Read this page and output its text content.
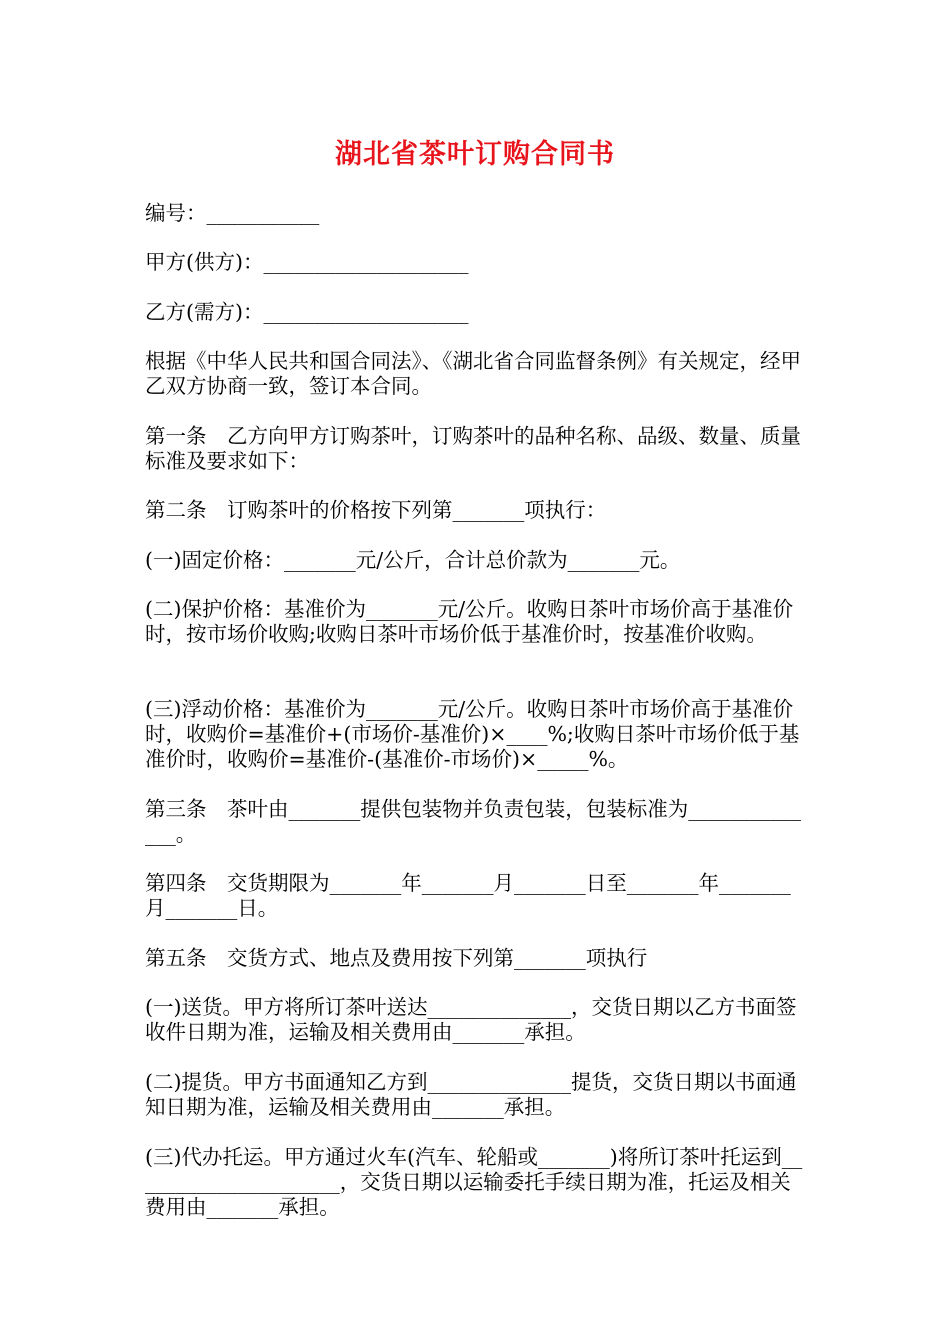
湖北省茶叶订购合同书

编号：___________

甲方(供方)：____________________

乙方(需方)：____________________

根据《中华人民共和国合同法》、《湖北省合同监督条例》有关规定，经甲乙双方协商一致，签订本合同。

第一条　乙方向甲方订购茶叶，订购茶叶的品种名称、品级、数量、质量标准及要求如下：

第二条　订购茶叶的价格按下列第_______项执行：

(一)固定价格：_______元/公斤，合计总价款为_______元。

(二)保护价格：基准价为_______元/公斤。收购日茶叶市场价高于基准价时，按市场价收购;收购日茶叶市场价低于基准价时，按基准价收购。

(三)浮动价格：基准价为_______元/公斤。收购日茶叶市场价高于基准价时，收购价=基准价+(市场价-基准价)×____%;收购日茶叶市场价低于基准价时，收购价=基准价-(基准价-市场价)×_____%。

第三条　茶叶由_______提供包装物并负责包装，包装标准为______________。

第四条　交货期限为_______年_______月_______日至_______年_______月_______日。

第五条　交货方式、地点及费用按下列第_______项执行

(一)送货。甲方将所订茶叶送达______________，交货日期以乙方书面签收件日期为准，运输及相关费用由_______承担。

(二)提货。甲方书面通知乙方到______________提货，交货日期以书面通知日期为准，运输及相关费用由_______承担。

(三)代办托运。甲方通过火车(汽车、轮船或_______)将所订茶叶托运到_____________________，交货日期以运输委托手续日期为准，托运及相关费用由_______承担。
